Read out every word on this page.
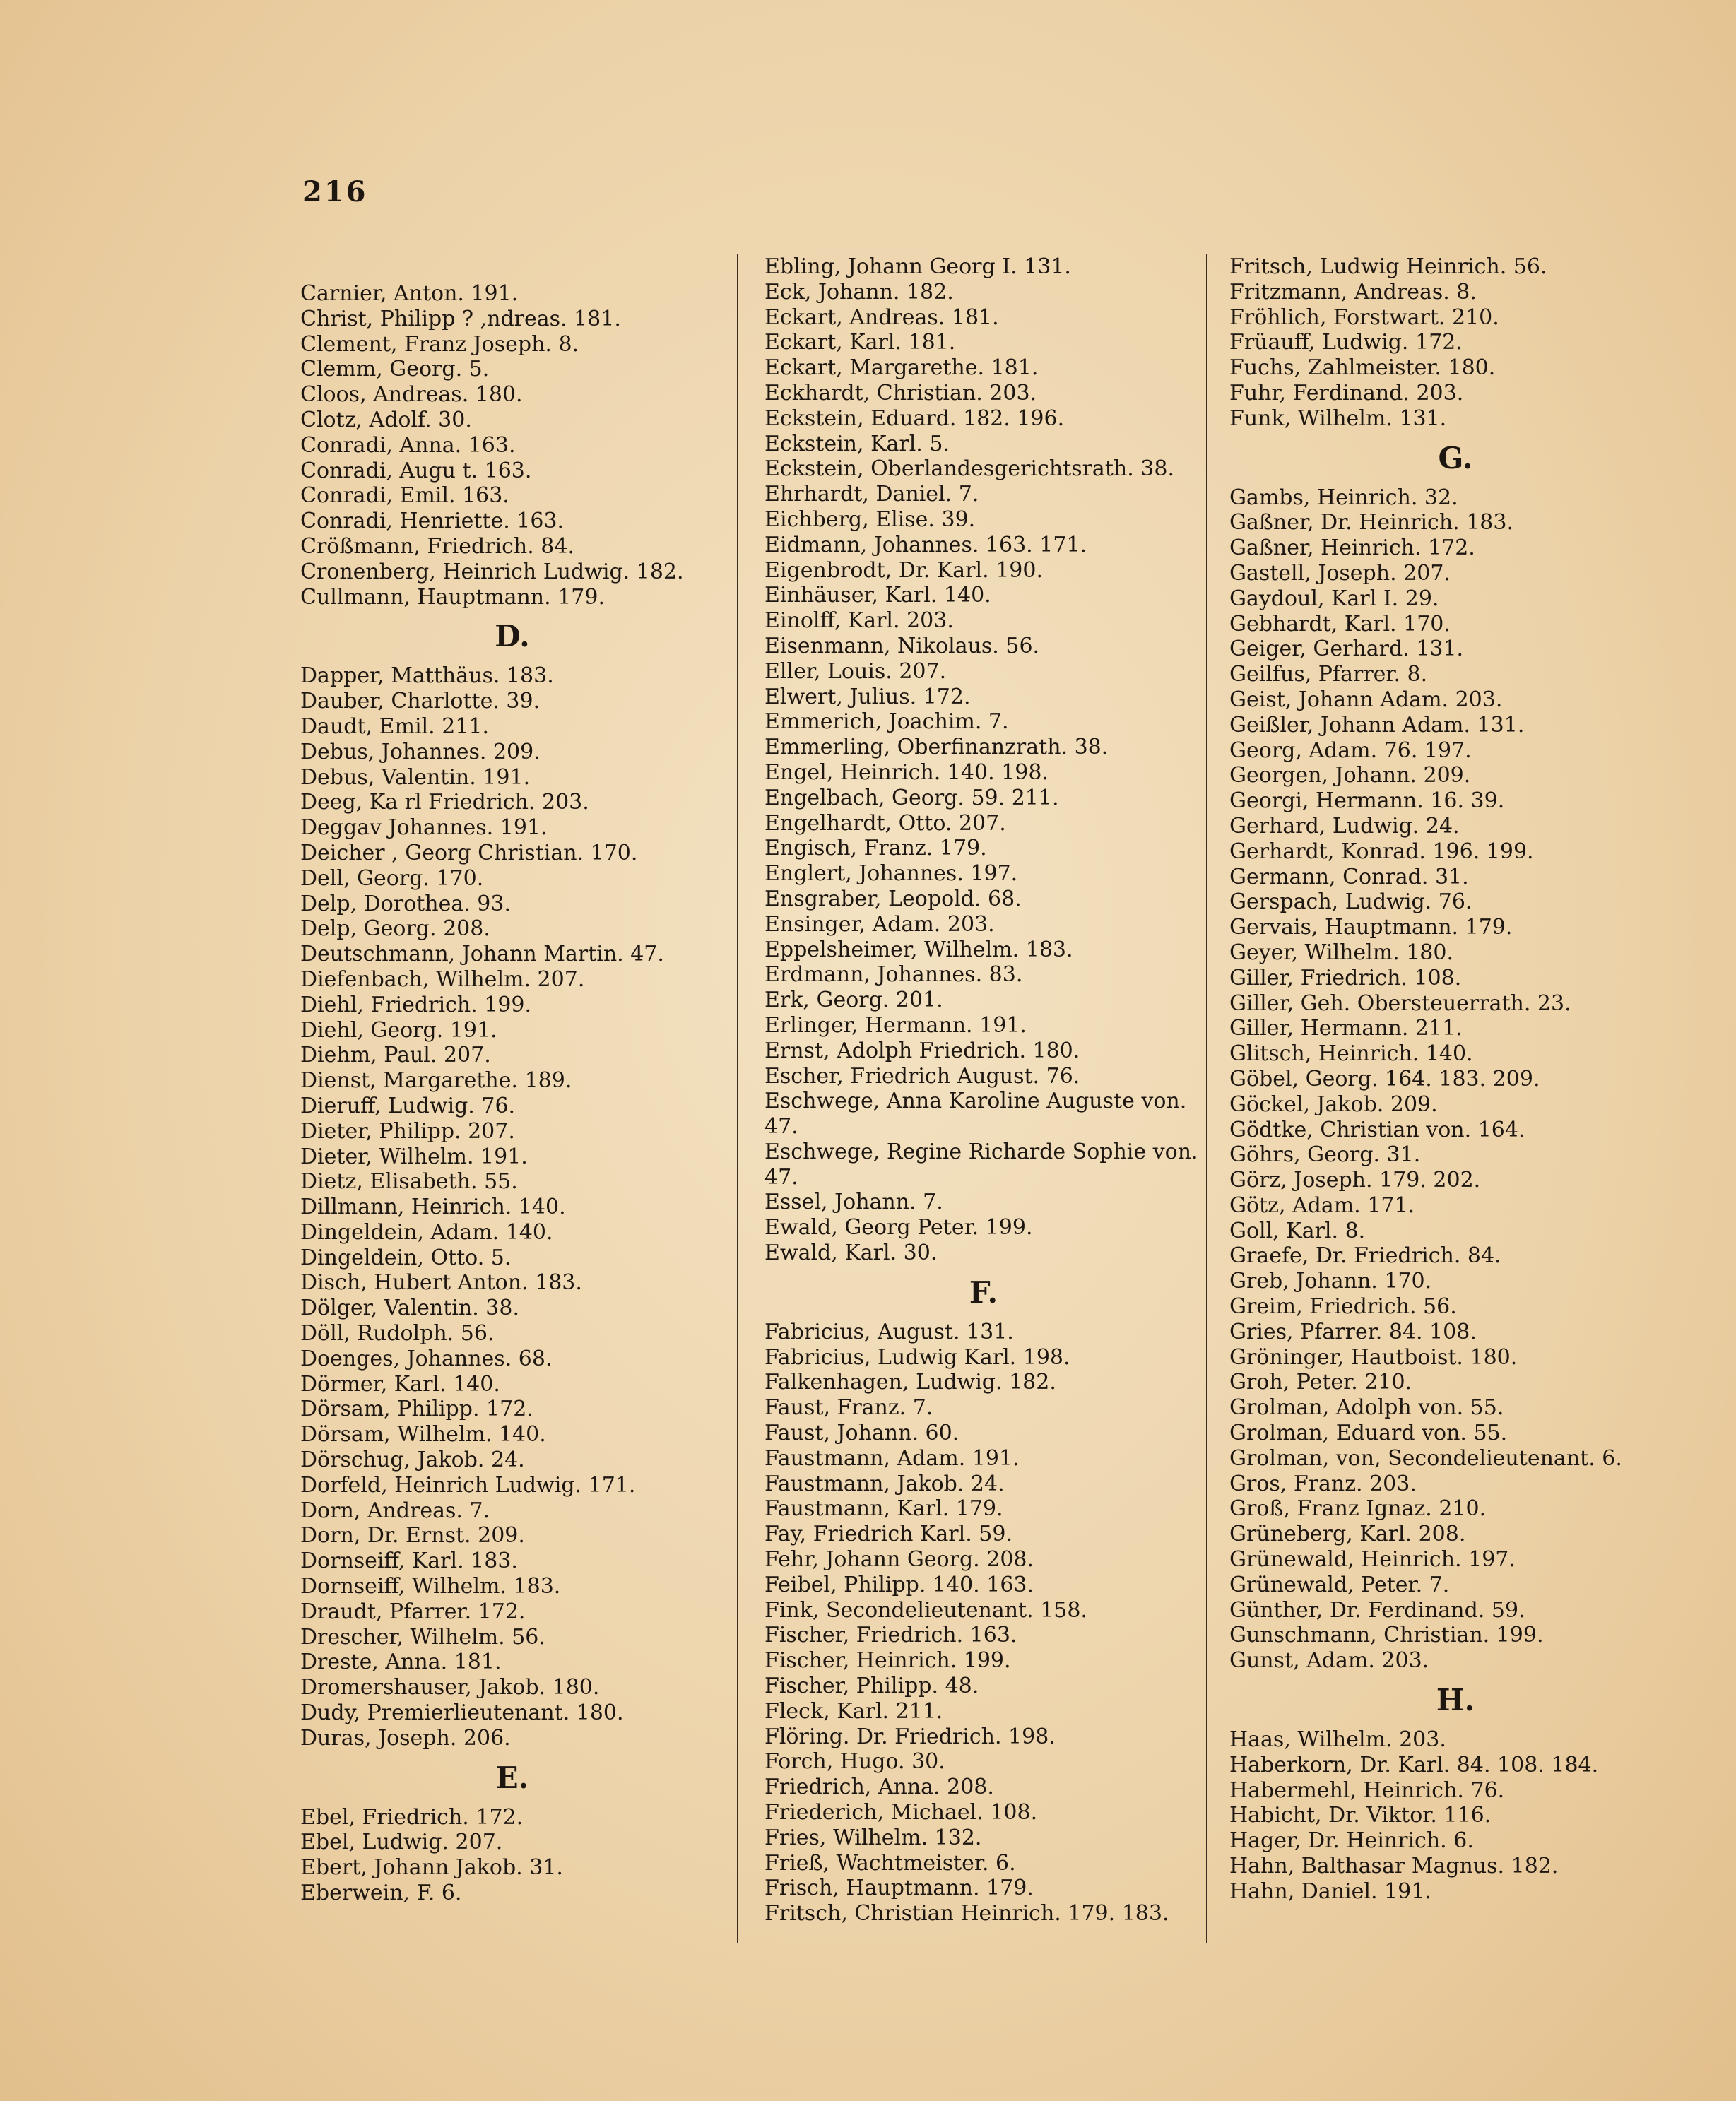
216
Carnier, Anton. 191.
Christ, Philipp ? ,ndreas. 181.
Clement, Franz Joseph. 8.
Clemm, Georg. 5.
Cloos, Andreas. 180.
Clotz, Adolf. 30.
Conradi, Anna. 163.
Conradi, Augu t. 163.
Conradi, Emil. 163.
Conradi, Henriette. 163.
Crößmann, Friedrich. 84.
Cronenberg, Heinrich Ludwig. 182.
Cullmann, Hauptmann. 179.
D.
Dapper, Matthäus. 183.
Dauber, Charlotte. 39.
Daudt, Emil. 211.
Debus, Johannes. 209.
Debus, Valentin. 191.
Deeg, Ka rl Friedrich. 203.
Deggav Johannes. 191.
Deicher , Georg Christian. 170.
Dell, Georg. 170.
Delp, Dorothea. 93.
Delp, Georg. 208.
Deutschmann, Johann Martin. 47.
Diefenbach, Wilhelm. 207.
Diehl, Friedrich. 199.
Diehl, Georg. 191.
Diehm, Paul. 207.
Dienst, Margarethe. 189.
Dieruff, Ludwig. 76.
Dieter, Philipp. 207.
Dieter, Wilhelm. 191.
Dietz, Elisabeth. 55.
Dillmann, Heinrich. 140.
Dingeldein, Adam. 140.
Dingeldein, Otto. 5.
Disch, Hubert Anton. 183.
Dölger, Valentin. 38.
Döll, Rudolph. 56.
Doenges, Johannes. 68.
Dörmer, Karl. 140.
Dörsam, Philipp. 172.
Dörsam, Wilhelm. 140.
Dörschug, Jakob. 24.
Dorfeld, Heinrich Ludwig. 171.
Dorn, Andreas. 7.
Dorn, Dr. Ernst. 209.
Dornseiff, Karl. 183.
Dornseiff, Wilhelm. 183.
Draudt, Pfarrer. 172.
Drescher, Wilhelm. 56.
Dreste, Anna. 181.
Dromershauser, Jakob. 180.
Dudy, Premierlieutenant. 180.
Duras, Joseph. 206.
E.
Ebel, Friedrich. 172.
Ebel, Ludwig. 207.
Ebert, Johann Jakob. 31.
Eberwein, F. 6.
Ebling, Johann Georg I. 131.
Eck, Johann. 182.
Eckart, Andreas. 181.
Eckart, Karl. 181.
Eckart, Margarethe. 181.
Eckhardt, Christian. 203.
Eckstein, Eduard. 182. 196.
Eckstein, Karl. 5.
Eckstein, Oberlandesgerichtsrath. 38.
Ehrhardt, Daniel. 7.
Eichberg, Elise. 39.
Eidmann, Johannes. 163. 171.
Eigenbrodt, Dr. Karl. 190.
Einhäuser, Karl. 140.
Einolff, Karl. 203.
Eisenmann, Nikolaus. 56.
Eller, Louis. 207.
Elwert, Julius. 172.
Emmerich, Joachim. 7.
Emmerling, Oberfinanzrath. 38.
Engel, Heinrich. 140. 198.
Engelbach, Georg. 59. 211.
Engelhardt, Otto. 207.
Engisch, Franz. 179.
Englert, Johannes. 197.
Ensgraber, Leopold. 68.
Ensinger, Adam. 203.
Eppelsheimer, Wilhelm. 183.
Erdmann, Johannes. 83.
Erk, Georg. 201.
Erlinger, Hermann. 191.
Ernst, Adolph Friedrich. 180.
Escher, Friedrich August. 76.
Eschwege, Anna Karoline Auguste von. 47.
Eschwege, Regine Richarde Sophie von. 47.
Essel, Johann. 7.
Ewald, Georg Peter. 199.
Ewald, Karl. 30.
F.
Fabricius, August. 131.
Fabricius, Ludwig Karl. 198.
Falkenhagen, Ludwig. 182.
Faust, Franz. 7.
Faust, Johann. 60.
Faustmann, Adam. 191.
Faustmann, Jakob. 24.
Faustmann, Karl. 179.
Fay, Friedrich Karl. 59.
Fehr, Johann Georg. 208.
Feibel, Philipp. 140. 163.
Fink, Secondelieutenant. 158.
Fischer, Friedrich. 163.
Fischer, Heinrich. 199.
Fischer, Philipp. 48.
Fleck, Karl. 211.
Flöring. Dr. Friedrich. 198.
Forch, Hugo. 30.
Friedrich, Anna. 208.
Friederich, Michael. 108.
Fries, Wilhelm. 132.
Frieß, Wachtmeister. 6.
Frisch, Hauptmann. 179.
Fritsch, Christian Heinrich. 179. 183.
Fritsch, Ludwig Heinrich. 56.
Fritzmann, Andreas. 8.
Fröhlich, Forstwart. 210.
Früauff, Ludwig. 172.
Fuchs, Zahlmeister. 180.
Fuhr, Ferdinand. 203.
Funk, Wilhelm. 131.
G.
Gambs, Heinrich. 32.
Gaßner, Dr. Heinrich. 183.
Gaßner, Heinrich. 172.
Gastell, Joseph. 207.
Gaydoul, Karl I. 29.
Gebhardt, Karl. 170.
Geiger, Gerhard. 131.
Geilfus, Pfarrer. 8.
Geist, Johann Adam. 203.
Geißler, Johann Adam. 131.
Georg, Adam. 76. 197.
Georgen, Johann. 209.
Georgi, Hermann. 16. 39.
Gerhard, Ludwig. 24.
Gerhardt, Konrad. 196. 199.
Germann, Conrad. 31.
Gerspach, Ludwig. 76.
Gervais, Hauptmann. 179.
Geyer, Wilhelm. 180.
Giller, Friedrich. 108.
Giller, Geh. Obersteuerrath. 23.
Giller, Hermann. 211.
Glitsch, Heinrich. 140.
Göbel, Georg. 164. 183. 209.
Göckel, Jakob. 209.
Gödtke, Christian von. 164.
Göhrs, Georg. 31.
Görz, Joseph. 179. 202.
Götz, Adam. 171.
Goll, Karl. 8.
Graefe, Dr. Friedrich. 84.
Greb, Johann. 170.
Greim, Friedrich. 56.
Gries, Pfarrer. 84. 108.
Gröninger, Hautboist. 180.
Groh, Peter. 210.
Grolman, Adolph von. 55.
Grolman, Eduard von. 55.
Grolman, von, Secondelieutenant. 6.
Gros, Franz. 203.
Groß, Franz Ignaz. 210.
Grüneberg, Karl. 208.
Grünewald, Heinrich. 197.
Grünewald, Peter. 7.
Günther, Dr. Ferdinand. 59.
Gunschmann, Christian. 199.
Gunst, Adam. 203.
H.
Haas, Wilhelm. 203.
Haberkorn, Dr. Karl. 84. 108. 184.
Habermehl, Heinrich. 76.
Habicht, Dr. Viktor. 116.
Hager, Dr. Heinrich. 6.
Hahn, Balthasar Magnus. 182.
Hahn, Daniel. 191.
